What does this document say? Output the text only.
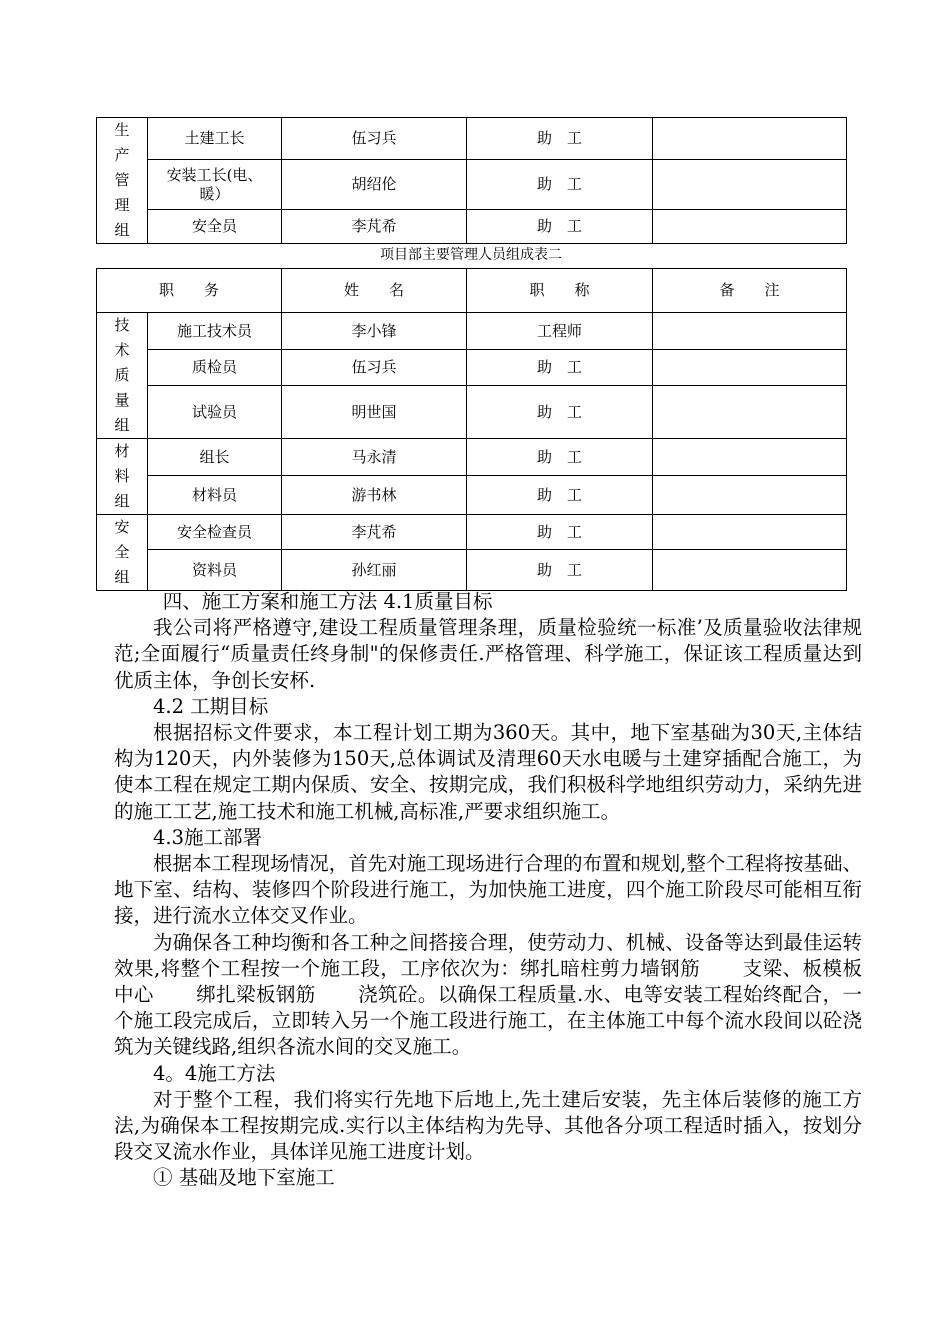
生产管理组	土建工长	伍习兵	助　工	
	安装工长(电、暖）	胡绍伦	助　工	
	安全员	李芃希	助　工	
项目部主要管理人员组成表二
职　　务		姓　　名	职　　称	备　　注
技术质量组	施工技术员	李小锋	工程师	
	质检员	伍习兵	助　工	
	试验员	明世国	助　工	
材料组	组长	马永清	助　工	
	材料员	游书林	助　工	
安全组	安全检查员	李芃希	助　工	
	资料员	孙红丽	助　工	

四、施工方案和施工方法 4.1质量目标

我公司将严格遵守,建设工程质量管理条理，质量检验统一标准’及质量验收法律规范;全面履行“质量责任终身制"的保修责任.严格管理、科学施工，保证该工程质量达到优质主体，争创长安杯.

4.2 工期目标

根据招标文件要求，本工程计划工期为360天。其中，地下室基础为30天,主体结构为120天，内外装修为150天,总体调试及清理60天水电暖与土建穿插配合施工，为使本工程在规定工期内保质、安全、按期完成，我们积极科学地组织劳动力，采纳先进的施工工艺,施工技术和施工机械,高标准,严要求组织施工。

4.3施工部署

根据本工程现场情况，首先对施工现场进行合理的布置和规划,整个工程将按基础、地下室、结构、装修四个阶段进行施工，为加快施工进度，四个施工阶段尽可能相互衔接，进行流水立体交叉作业。

为确保各工种均衡和各工种之间搭接合理，使劳动力、机械、设备等达到最佳运转效果,将整个工程按一个施工段，工序依次为：绑扎暗柱剪力墙钢筋 支梁、板模板中心 绑扎梁板钢筋 浇筑砼。以确保工程质量.水、电等安装工程始终配合，一个施工段完成后，立即转入另一个施工段进行施工，在主体施工中每个流水段间以砼浇筑为关键线路,组织各流水间的交叉施工。

4。4施工方法

对于整个工程，我们将实行先地下后地上,先土建后安装，先主体后装修的施工方法,为确保本工程按期完成.实行以主体结构为先导、其他各分项工程适时插入，按划分段交叉流水作业，具体详见施工进度计划。

① 基础及地下室施工
